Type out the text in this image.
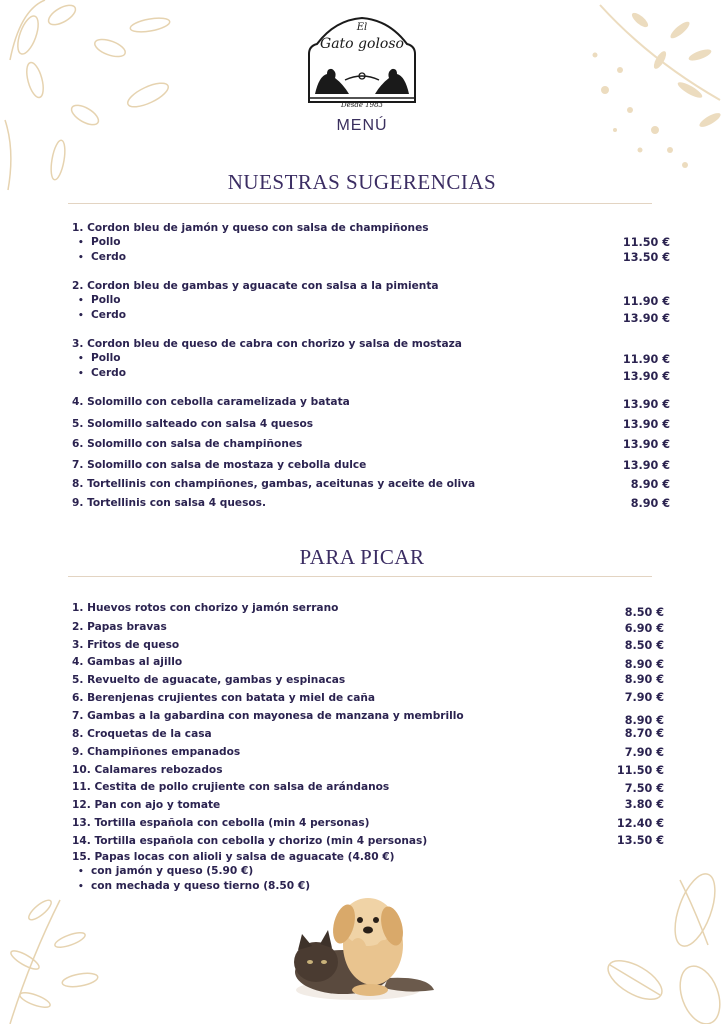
El
Gato goloso
Desde 1983
MENÚ
NUESTRAS SUGERENCIAS
1. Cordon bleu de jamón y queso con salsa de champiñones
• Pollo	11.50 €
• Cerdo	13.50 €
2. Cordon bleu de gambas y aguacate con salsa a la pimienta
• Pollo	11.90 €
• Cerdo	13.90 €
3. Cordon bleu de queso de cabra con chorizo y salsa de mostaza
• Pollo	11.90 €
• Cerdo	13.90 €
4. Solomillo con cebolla caramelizada y batata	13.90 €
5. Solomillo salteado con salsa 4 quesos	13.90 €
6. Solomillo con salsa de champiñones	13.90 €
7. Solomillo con salsa de mostaza y cebolla dulce	13.90 €
8. Tortellinis con champiñones, gambas, aceitunas y aceite de oliva	8.90 €
9. Tortellinis con salsa 4 quesos.	8.90 €
PARA PICAR
1. Huevos rotos con chorizo y jamón serrano	8.50 €
2. Papas bravas	6.90 €
3. Fritos de queso	8.50 €
4. Gambas al ajillo	8.90 €
5. Revuelto de aguacate, gambas y espinacas	8.90 €
6. Berenjenas crujientes con batata y miel de caña	7.90 €
7. Gambas a la gabardina con mayonesa de manzana y membrillo	8.90 €
8. Croquetas de la casa	8.70 €
9. Champiñones empanados	7.90 €
10. Calamares rebozados	11.50 €
11. Cestita de pollo crujiente con salsa de arándanos	7.50 €
12. Pan con ajo y tomate	3.80 €
13. Tortilla española con cebolla (min 4 personas)	12.40 €
14. Tortilla española con cebolla y chorizo (min 4 personas)	13.50 €
15. Papas locas con alioli y salsa de aguacate (4.80 €)
• con jamón y queso (5.90 €)
• con mechada y queso tierno (8.50 €)
